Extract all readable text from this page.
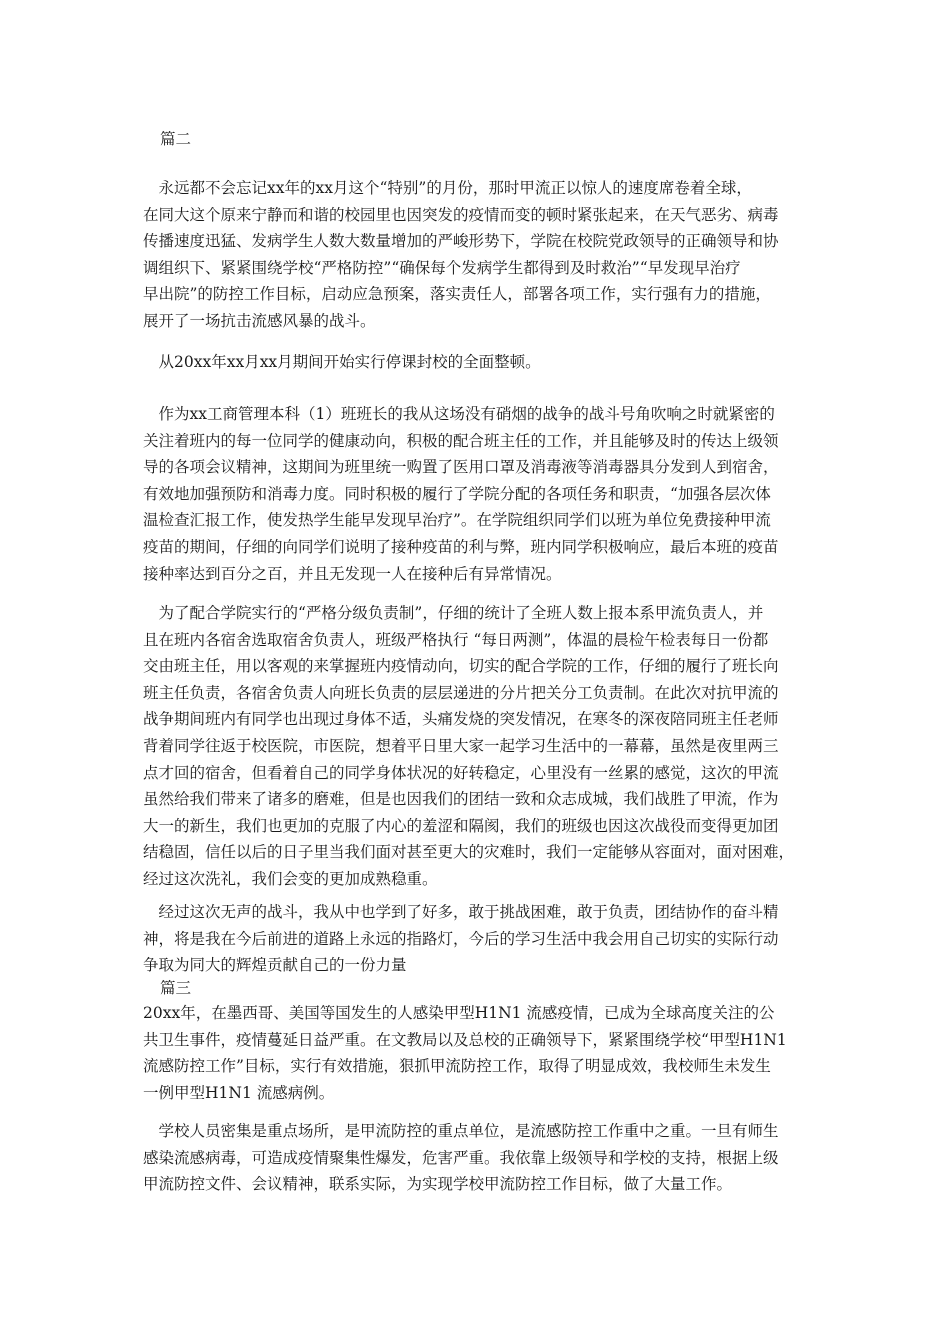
篇二
　永远都不会忘记xx年的xx月这个“特别”的月份，那时甲流正以惊人的速度席卷着全球，
在同大这个原来宁静而和谐的校园里也因突发的疫情而变的顿时紧张起来，在天气恶劣、病毒
传播速度迅猛、发病学生人数大数量增加的严峻形势下，学院在校院党政领导的正确领导和协
调组织下、紧紧围绕学校“严格防控”“确保每个发病学生都得到及时救治”“早发现早治疗
早出院”的防控工作目标，启动应急预案，落实责任人，部署各项工作，实行强有力的措施，
展开了一场抗击流感风暴的战斗。
　从20xx年xx月xx月期间开始实行停课封校的全面整顿。
　作为xx工商管理本科（1）班班长的我从这场没有硝烟的战争的战斗号角吹响之时就紧密的
关注着班内的每一位同学的健康动向，积极的配合班主任的工作，并且能够及时的传达上级领
导的各项会议精神，这期间为班里统一购置了医用口罩及消毒液等消毒器具分发到人到宿舍，
有效地加强预防和消毒力度。同时积极的履行了学院分配的各项任务和职责，“加强各层次体
温检查汇报工作，使发热学生能早发现早治疗”。在学院组织同学们以班为单位免费接种甲流
疫苗的期间，仔细的向同学们说明了接种疫苗的利与弊，班内同学积极响应，最后本班的疫苗
接种率达到百分之百，并且无发现一人在接种后有异常情况。
　为了配合学院实行的“严格分级负责制”，仔细的统计了全班人数上报本系甲流负责人，并
且在班内各宿舍选取宿舍负责人，班级严格执行 “每日两测”，体温的晨检午检表每日一份都
交由班主任，用以客观的来掌握班内疫情动向，切实的配合学院的工作，仔细的履行了班长向
班主任负责，各宿舍负责人向班长负责的层层递进的分片把关分工负责制。在此次对抗甲流的
战争期间班内有同学也出现过身体不适，头痛发烧的突发情况，在寒冬的深夜陪同班主任老师
背着同学往返于校医院，市医院，想着平日里大家一起学习生活中的一幕幕，虽然是夜里两三
点才回的宿舍，但看着自己的同学身体状况的好转稳定，心里没有一丝累的感觉，这次的甲流
虽然给我们带来了诸多的磨难，但是也因我们的团结一致和众志成城，我们战胜了甲流，作为
大一的新生，我们也更加的克服了内心的羞涩和隔阂，我们的班级也因这次战役而变得更加团
结稳固，信任以后的日子里当我们面对甚至更大的灾难时，我们一定能够从容面对，面对困难，
经过这次洗礼，我们会变的更加成熟稳重。
　经过这次无声的战斗，我从中也学到了好多，敢于挑战困难，敢于负责，团结协作的奋斗精
神，将是我在今后前进的道路上永远的指路灯，今后的学习生活中我会用自己切实的实际行动
争取为同大的辉煌贡献自己的一份力量
篇三
20xx年，在墨西哥、美国等国发生的人感染甲型H1N1 流感疫情，已成为全球高度关注的公
共卫生事件，疫情蔓延日益严重。在文教局以及总校的正确领导下，紧紧围绕学校“甲型H1N1
流感防控工作”目标，实行有效措施，狠抓甲流防控工作，取得了明显成效，我校师生未发生
一例甲型H1N1 流感病例。
　学校人员密集是重点场所，是甲流防控的重点单位，是流感防控工作重中之重。一旦有师生
感染流感病毒，可造成疫情聚集性爆发，危害严重。我依靠上级领导和学校的支持，根据上级
甲流防控文件、会议精神，联系实际，为实现学校甲流防控工作目标，做了大量工作。
